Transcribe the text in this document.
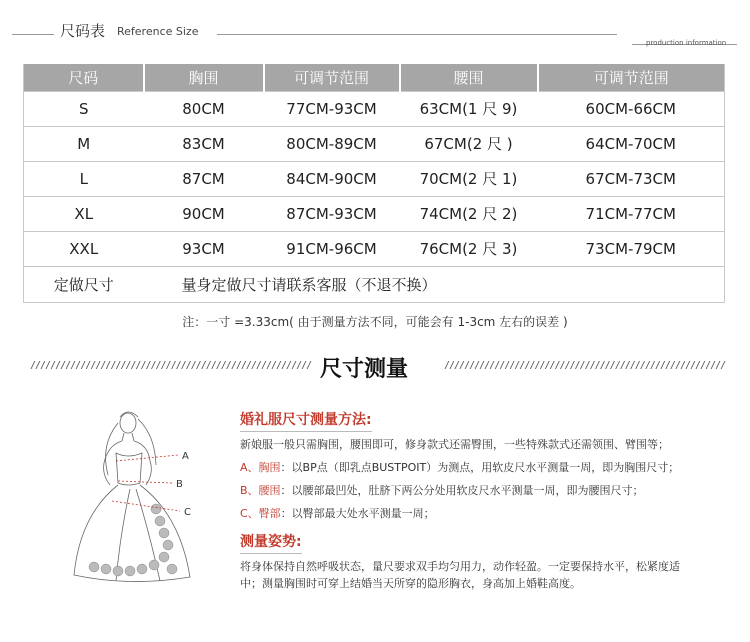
尺码表 Reference Size
production information
尺码	胸围	可调节范围	腰围	可调节范围
S	80CM	77CM-93CM	63CM(1 尺 9)	60CM-66CM
M	83CM	80CM-89CM	67CM(2 尺 )	64CM-70CM
L	87CM	84CM-90CM	70CM(2 尺 1)	67CM-73CM
XL	90CM	87CM-93CM	74CM(2 尺 2)	71CM-77CM
XXL	93CM	91CM-96CM	76CM(2 尺 3)	73CM-79CM
定做尺寸	量身定做尺寸请联系客服（不退不换）			
注：一寸 =3.33cm( 由于测量方法不同，可能会有 1-3cm 左右的误差 )
//////////////////////////////////////////////////////// 尺寸测量	////////////////////////////////////////////////////////
A
B
C
婚礼服尺寸测量方法:
新娘服一般只需胸围，腰围即可，修身款式还需臀围，一些特殊款式还需领围、臂围等；
A、胸围：以BP点（即乳点BUSTPOIT）为测点，用软皮尺水平测量一周，即为胸围尺寸；
B、腰围：以腰部最凹处，肚脐下两公分处用软皮尺水平测量一周，即为腰围尺寸；
C、臀部：以臀部最大处水平测量一周；
测量姿势:
将身体保持自然呼吸状态，量尺要求双手均匀用力，动作轻盈。一定要保持水平，松紧度适中；测量胸围时可穿上结婚当天所穿的隐形胸衣，身高加上婚鞋高度。
